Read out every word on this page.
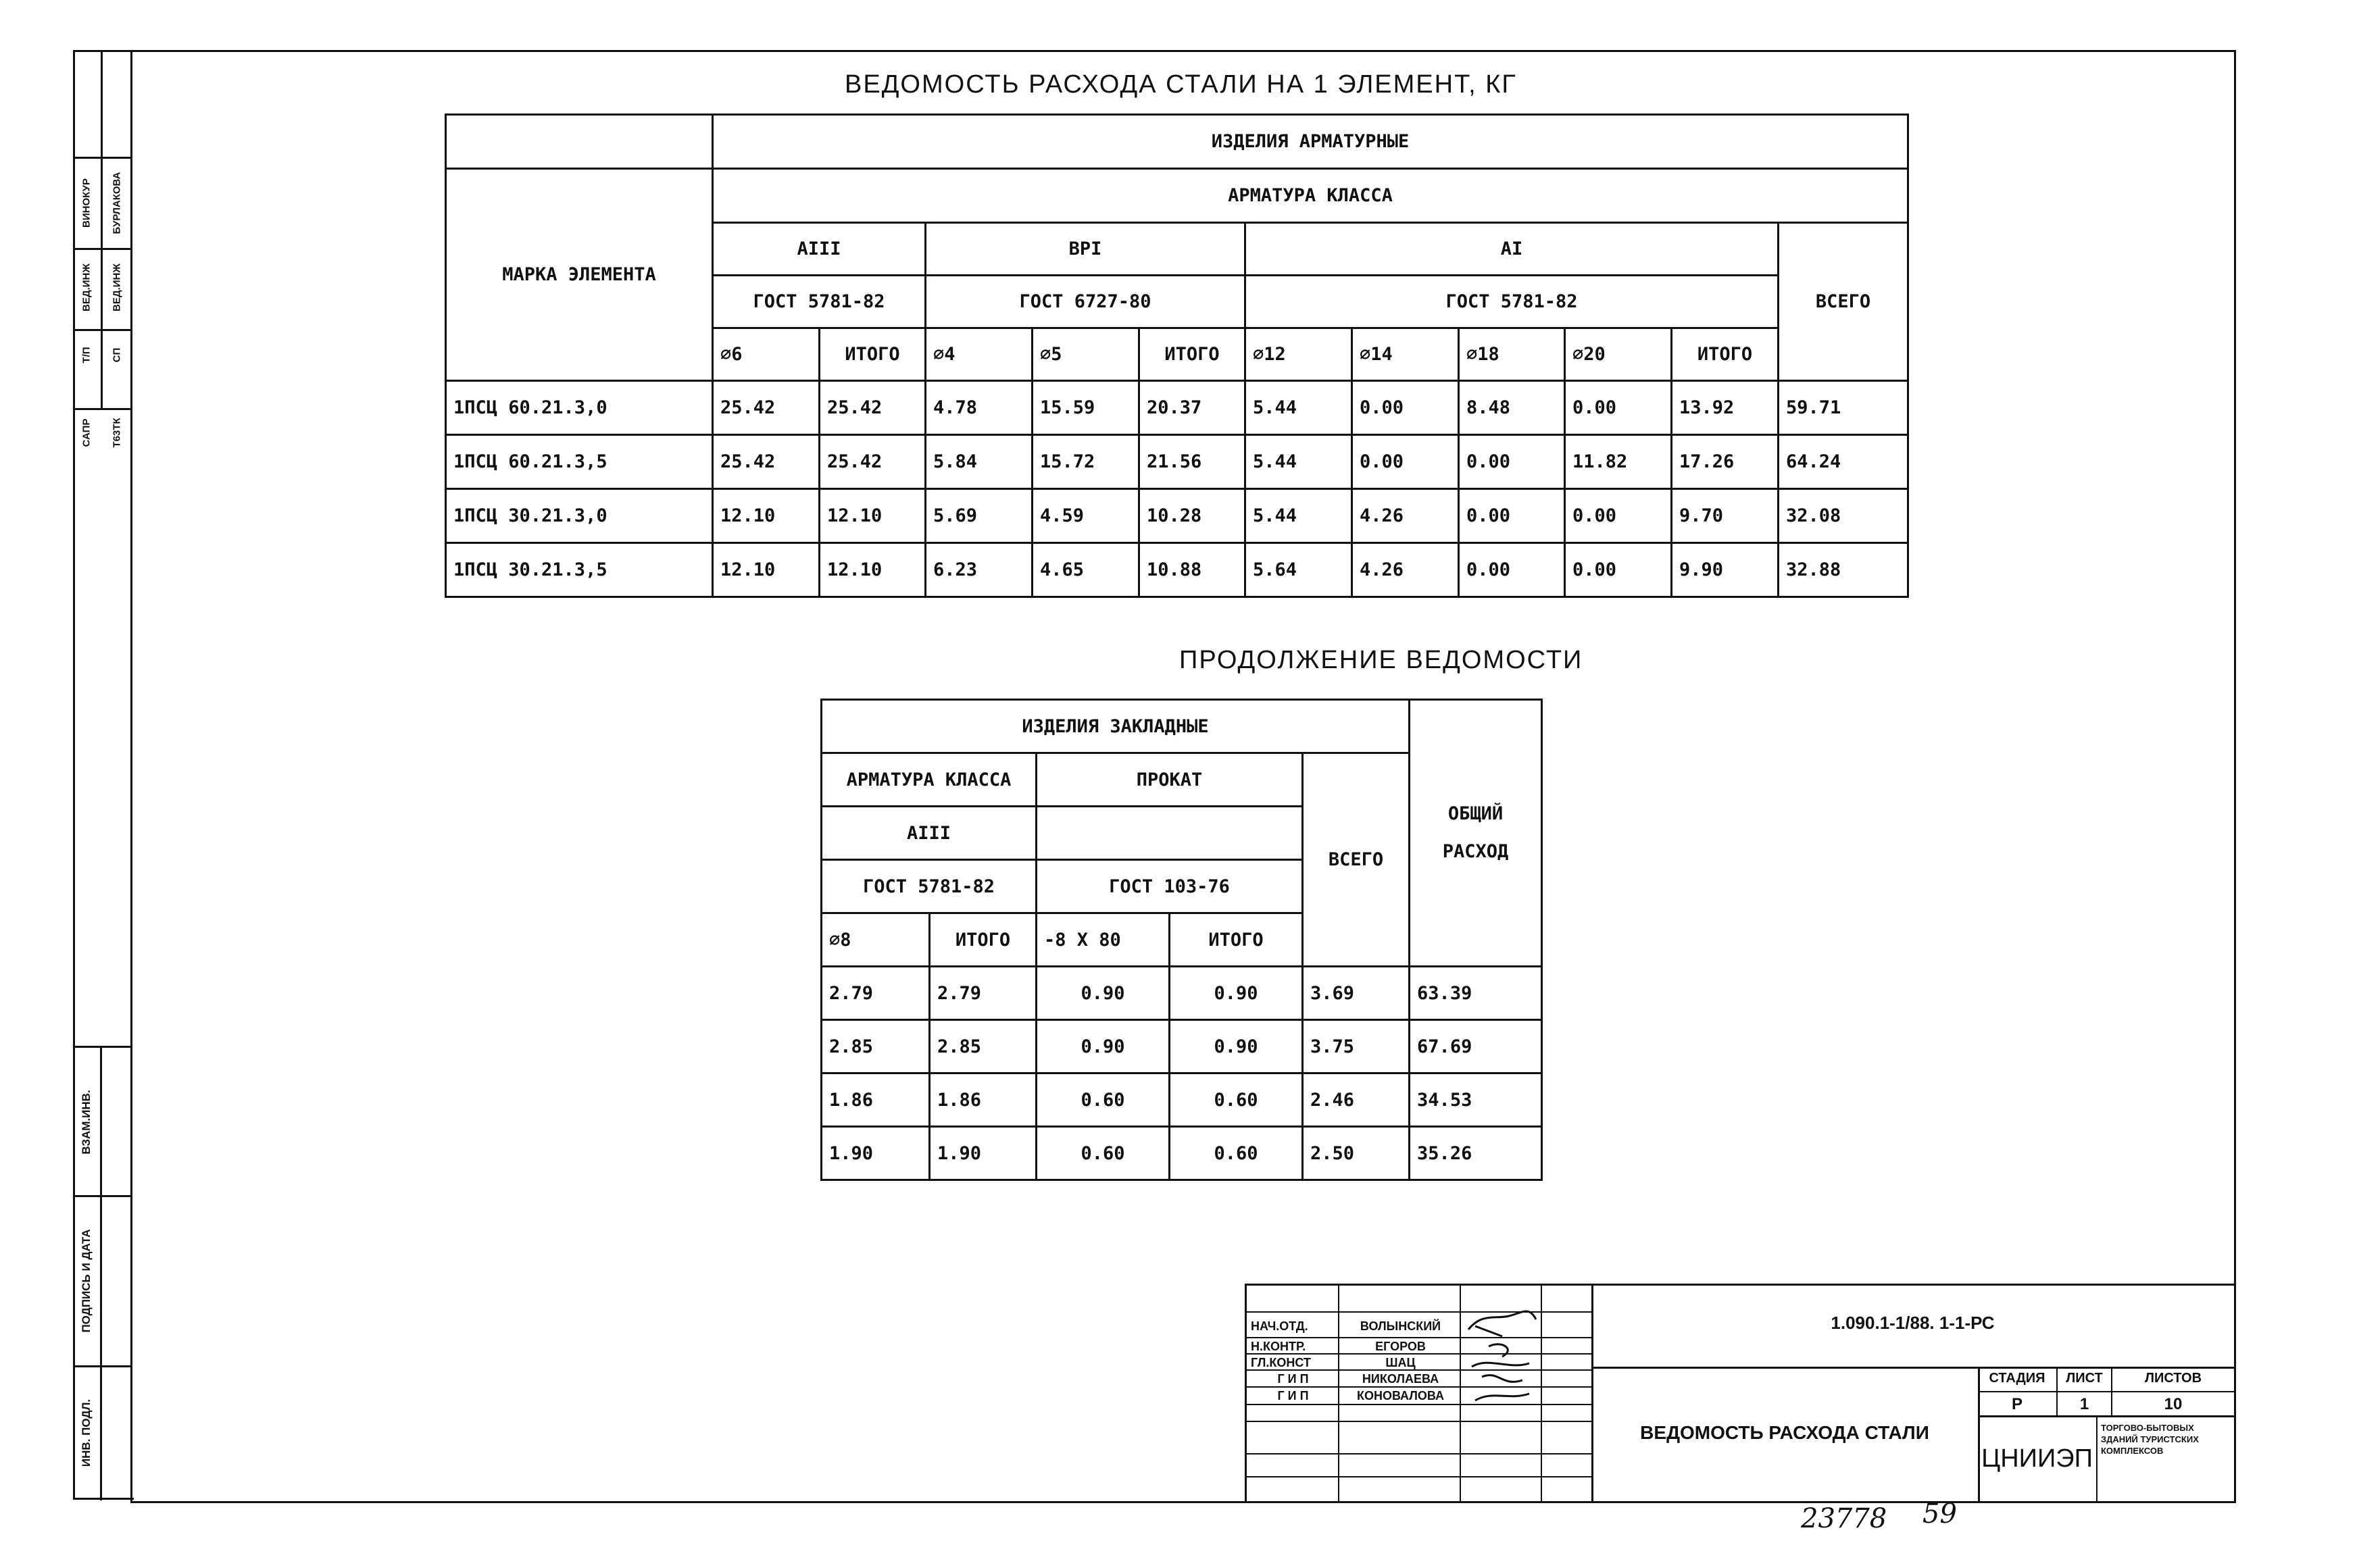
ВИНОКУР БУРЛАКОВА
ВЕД.ИНЖ ВЕД.ИНЖ
Т/П СП
САПР Т63ТК
ВЗАМ.ИНВ.
ПОДПИСЬ И ДАТА
ИНВ. ПОДЛ.
ВЕДОМОСТЬ РАСХОДА СТАЛИ НА 1 ЭЛЕМЕНТ, КГ
	ИЗДЕЛИЯ АРМАТУРНЫЕ										
МАРКА ЭЛЕМЕНТА	АРМАТУРА КЛАССА										
	AIII		ВРI			AI					ВСЕГО
	ГОСТ 5781-82		ГОСТ 6727-80			ГОСТ 5781-82					
	∅6	ИТОГО	∅4	∅5	ИТОГО	∅12	∅14	∅18	∅20	ИТОГО	
1ПСЦ 60.21.3,0	25.42	25.42	4.78	15.59	20.37	5.44	0.00	8.48	0.00	13.92	59.71
1ПСЦ 60.21.3,5	25.42	25.42	5.84	15.72	21.56	5.44	0.00	0.00	11.82	17.26	64.24
1ПСЦ 30.21.3,0	12.10	12.10	5.69	4.59	10.28	5.44	4.26	0.00	0.00	9.70	32.08
1ПСЦ 30.21.3,5	12.10	12.10	6.23	4.65	10.88	5.64	4.26	0.00	0.00	9.90	32.88
ПРОДОЛЖЕНИЕ ВЕДОМОСТИ
ИЗДЕЛИЯ ЗАКЛАДНЫЕ					ОБЩИЙ
РАСХОД

АРМАТУРА КЛАССА		ПРОКАТ		ВСЕГО	
AIII					
ГОСТ 5781-82		ГОСТ 103-76			
∅8	ИТОГО	-8 X 80	ИТОГО		
2.79	2.79	0.90	0.90	3.69	63.39
2.85	2.85	0.90	0.90	3.75	67.69
1.86	1.86	0.60	0.60	2.46	34.53
1.90	1.90	0.60	0.60	2.50	35.26
НАЧ.ОТД.	ВОЛЫНСКИЙ
Н.КОНТР.	ЕГОРОВ
ГЛ.КОНСТ	ШАЦ
Г И П	НИКОЛАЕВА
Г И П	КОНОВАЛОВА
1.090.1-1/88. 1-1-РС
ВЕДОМОСТЬ РАСХОДА СТАЛИ
СТАДИЯ	ЛИСТ	ЛИСТОВ
Р	1	10
ЦНИИЭП
ТОРГОВО-БЫТОВЫХ ЗДАНИЙ ТУРИСТСКИХ КОМПЛЕКСОВ
23778 59
